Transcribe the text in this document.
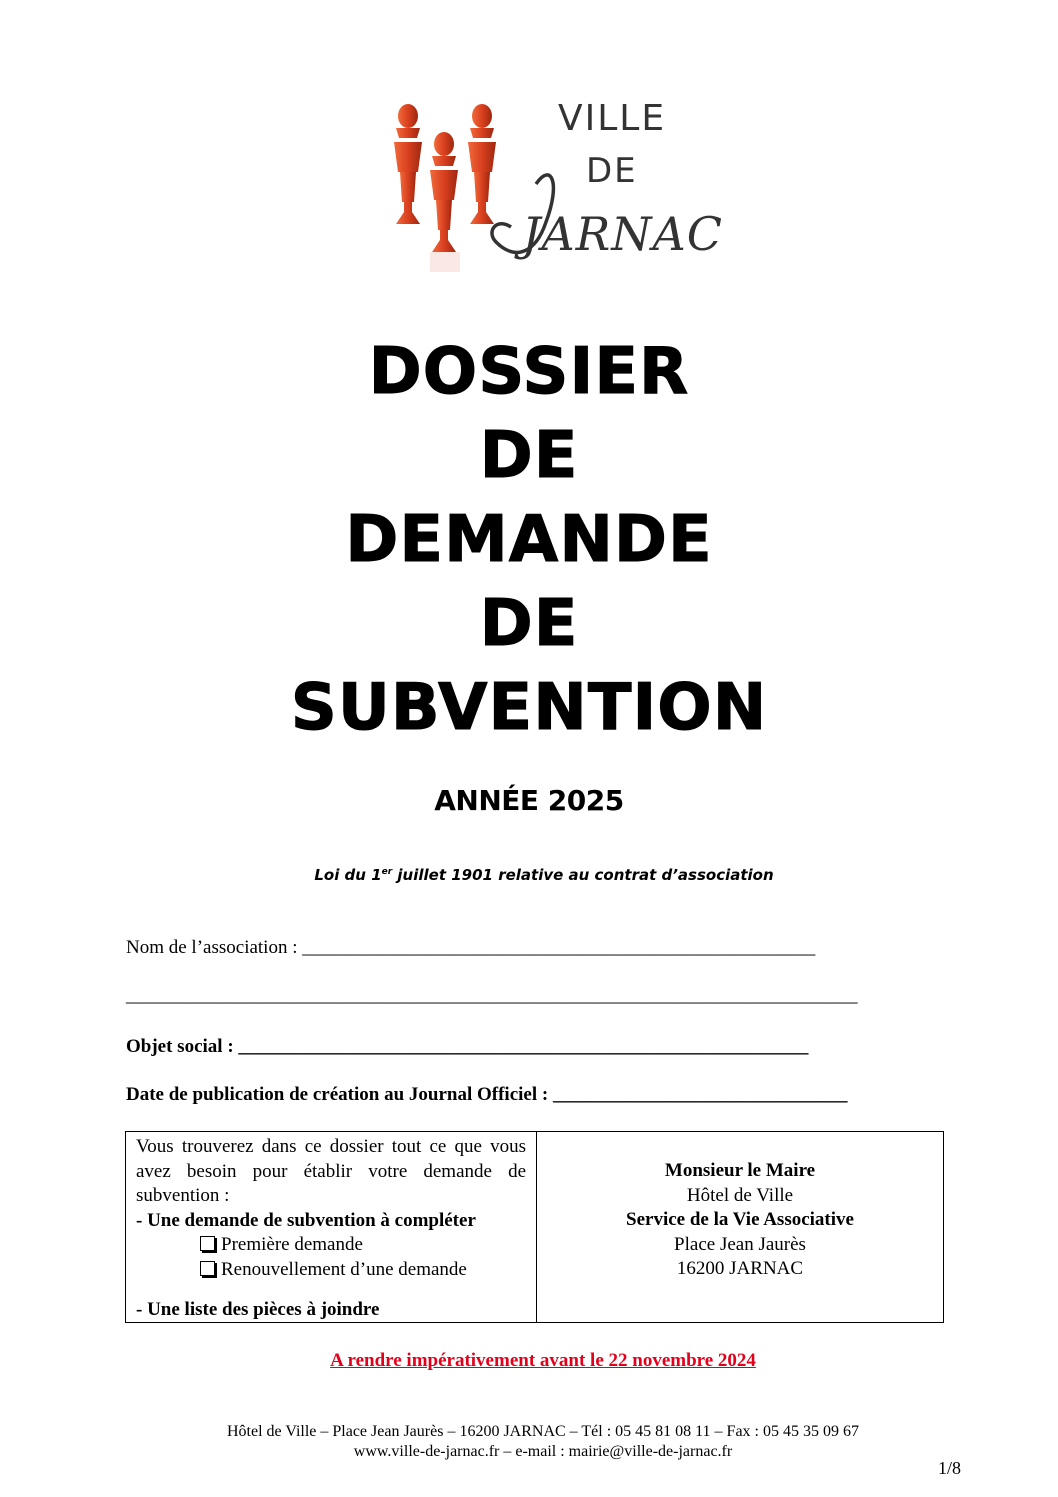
VILLE
DE
JARNAC
DOSSIER
DE
DEMANDE
DE
SUBVENTION
ANNÉE 2025
Loi du 1er juillet 1901 relative au contrat d’association
Nom de l’association : ______________________________________________________
_____________________________________________________________________________
Objet social : ____________________________________________________________
Date de publication de création au Journal Officiel : _______________________________
Vous trouverez dans ce dossier tout ce que vous avez besoin pour établir votre demande de subvention :
- Une demande de subvention à compléter
Première demande
Renouvellement d’une demande
- Une liste des pièces à joindre
Monsieur le Maire
Hôtel de Ville
Service de la Vie Associative
Place Jean Jaurès
16200 JARNAC
A rendre impérativement avant le 22 novembre 2024
Hôtel de Ville – Place Jean Jaurès – 16200 JARNAC – Tél : 05 45 81 08 11 – Fax : 05 45 35 09 67
www.ville-de-jarnac.fr – e-mail : mairie@ville-de-jarnac.fr
1/8
